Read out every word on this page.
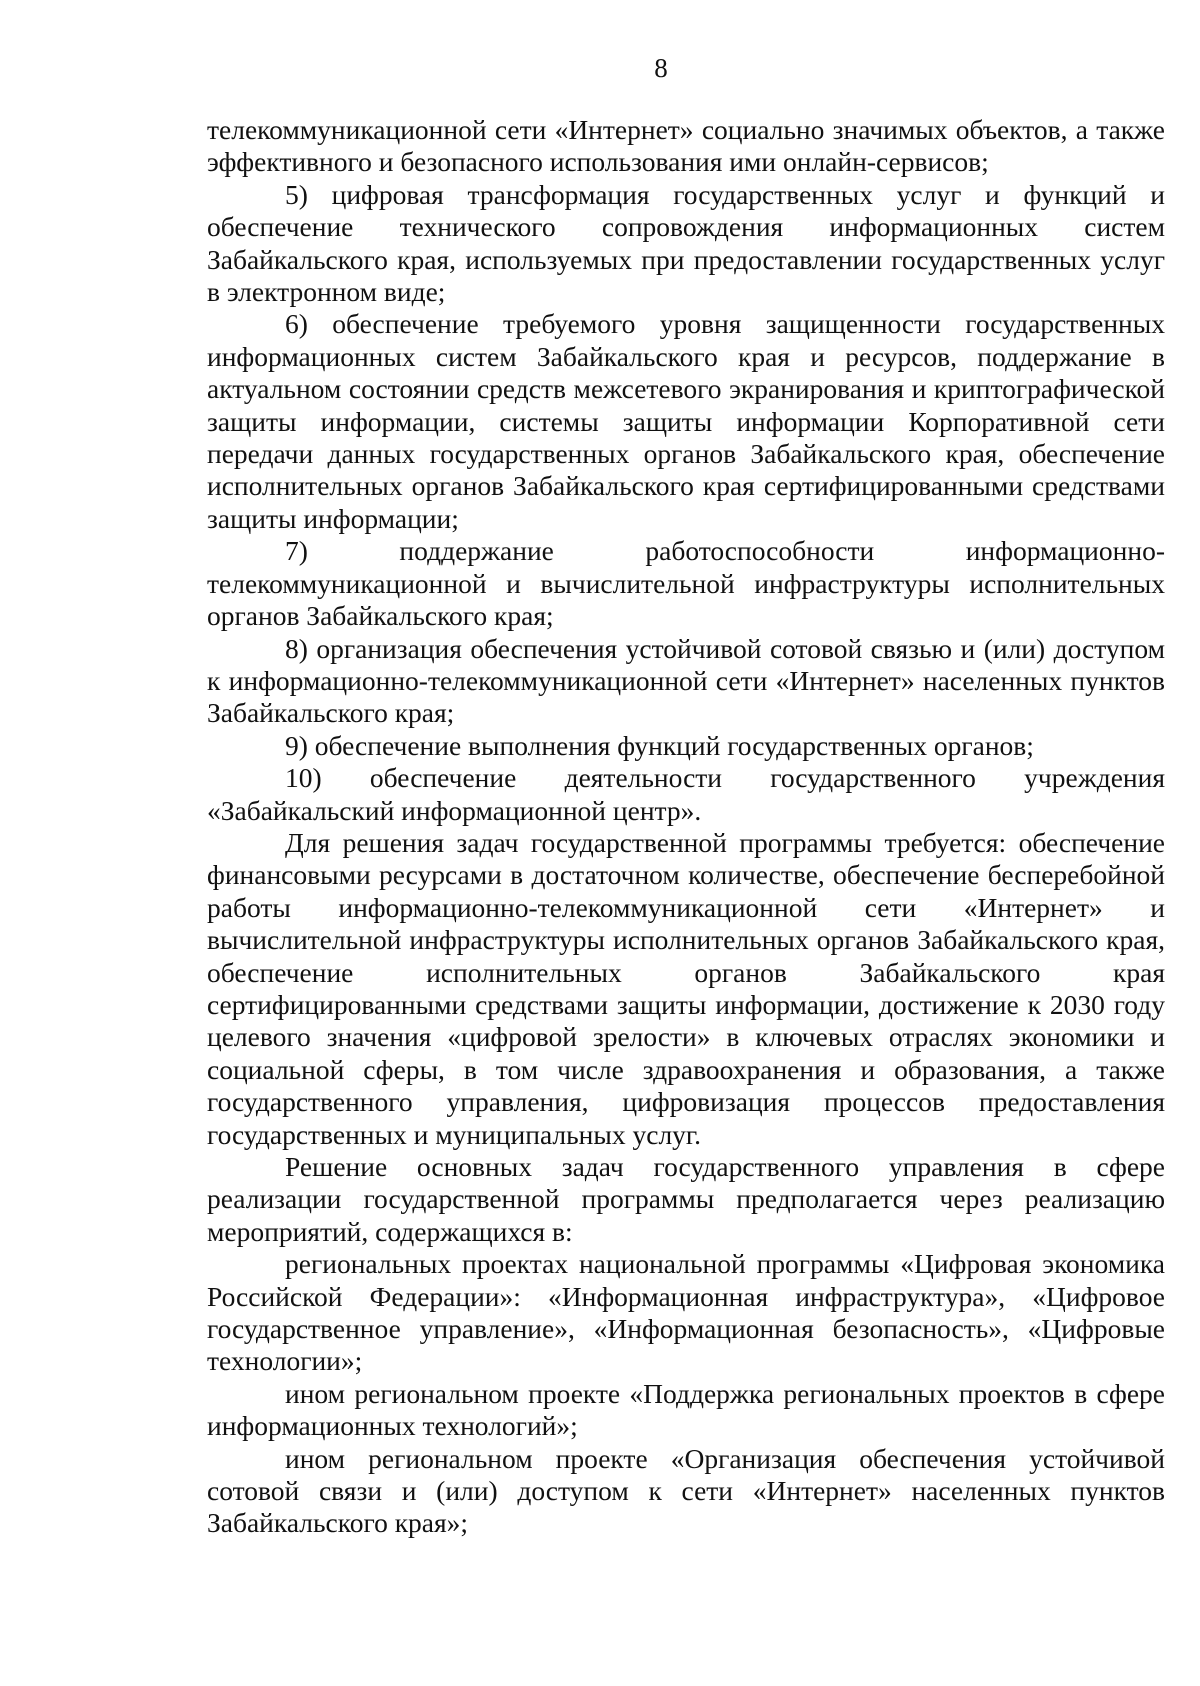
8

телекоммуникационной сети «Интернет» социально значимых объектов, а также эффективного и безопасного использования ими онлайн-сервисов;

5) цифровая трансформация государственных услуг и функций и обеспечение технического сопровождения информационных систем Забайкальского края, используемых при предоставлении государственных услуг в электронном виде;

6) обеспечение требуемого уровня защищенности государственных информационных систем Забайкальского края и ресурсов, поддержание в актуальном состоянии средств межсетевого экранирования и криптографической защиты информации, системы защиты информации Корпоративной сети передачи данных государственных органов Забайкальского края, обеспечение исполнительных органов Забайкальского края сертифицированными средствами защиты информации;

7) поддержание работоспособности информационно-телекоммуникационной и вычислительной инфраструктуры исполнительных органов Забайкальского края;

8) организация обеспечения устойчивой сотовой связью и (или) доступом к информационно-телекоммуникационной сети «Интернет» населенных пунктов Забайкальского края;

9) обеспечение выполнения функций государственных органов;

10) обеспечение деятельности государственного учреждения «Забайкальский информационной центр».

Для решения задач государственной программы требуется: обеспечение финансовыми ресурсами в достаточном количестве, обеспечение бесперебойной работы информационно-телекоммуникационной сети «Интернет» и вычислительной инфраструктуры исполнительных органов Забайкальского края, обеспечение исполнительных органов Забайкальского края сертифицированными средствами защиты информации, достижение к 2030 году целевого значения «цифровой зрелости» в ключевых отраслях экономики и социальной сферы, в том числе здравоохранения и образования, а также государственного управления, цифровизация процессов предоставления государственных и муниципальных услуг.

Решение основных задач государственного управления в сфере реализации государственной программы предполагается через реализацию мероприятий, содержащихся в:

региональных проектах национальной программы «Цифровая экономика Российской Федерации»: «Информационная инфраструктура», «Цифровое государственное управление», «Информационная безопасность», «Цифровые технологии»;

ином региональном проекте «Поддержка региональных проектов в сфере информационных технологий»;

ином региональном проекте «Организация обеспечения устойчивой сотовой связи и (или) доступом к сети «Интернет» населенных пунктов Забайкальского края»;
